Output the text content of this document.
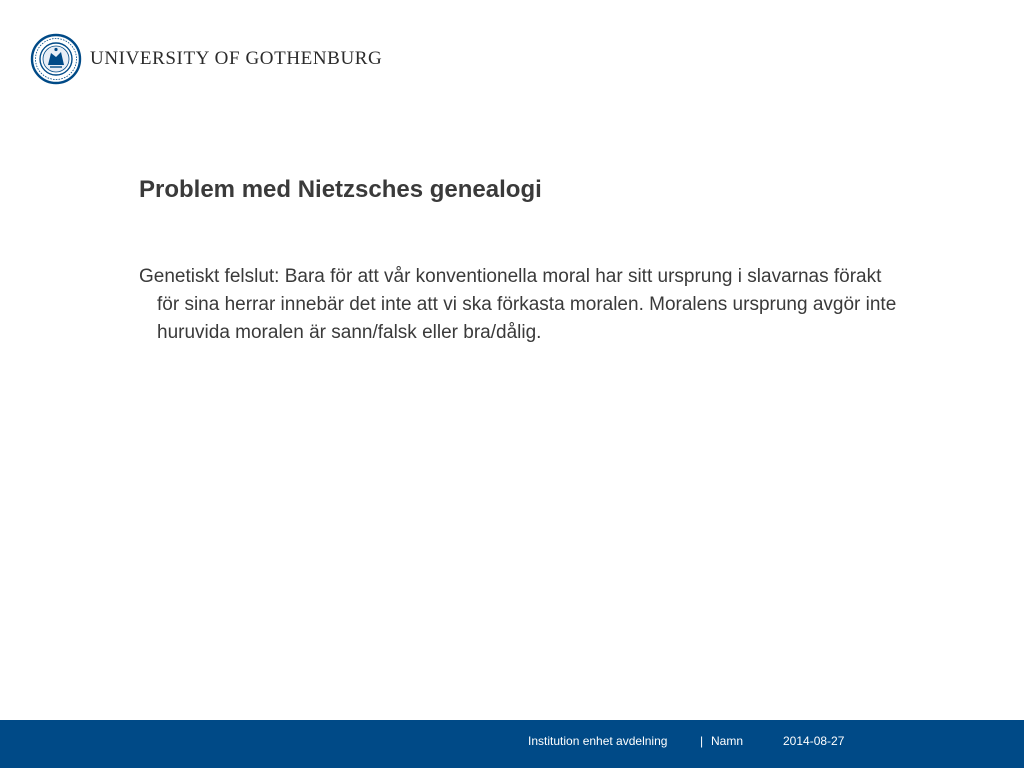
UNIVERSITY OF GOTHENBURG
Problem med Nietzsches genealogi

Genetiskt felslut: Bara för att vår konventionella moral har sitt ursprung i slavarnas förakt för sina herrar innebär det inte att vi ska förkasta moralen. Moralens ursprung avgör inte huruvida moralen är sann/falsk eller bra/dålig.

Institution enhet avdelning	| Namn	2014-08-27
